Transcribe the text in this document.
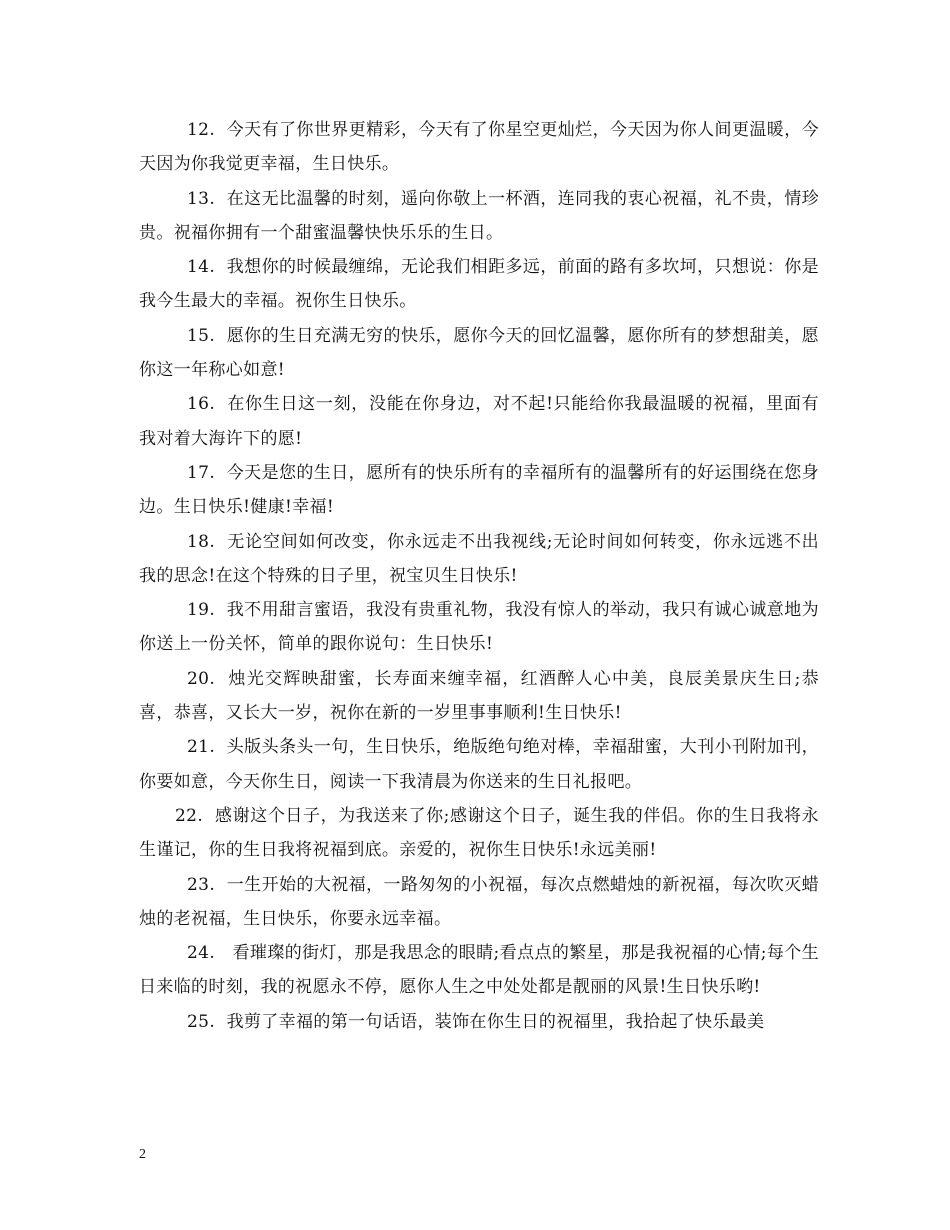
12.  今天有了你世界更精彩，今天有了你星空更灿烂，今天因为你人间更温暖，今天因为你我觉更幸福，生日快乐。

13.  在这无比温馨的时刻，遥向你敬上一杯酒，连同我的衷心祝福，礼不贵，情珍贵。祝福你拥有一个甜蜜温馨快快乐乐的生日。

14.  我想你的时候最缠绵，无论我们相距多远，前面的路有多坎坷，只想说：你是我今生最大的幸福。祝你生日快乐。

15.  愿你的生日充满无穷的快乐，愿你今天的回忆温馨，愿你所有的梦想甜美，愿你这一年称心如意!

16.  在你生日这一刻，没能在你身边，对不起!只能给你我最温暖的祝福，里面有我对着大海许下的愿!

17.  今天是您的生日，愿所有的快乐所有的幸福所有的温馨所有的好运围绕在您身边。生日快乐!健康!幸福!

18.  无论空间如何改变，你永远走不出我视线;无论时间如何转变，你永远逃不出我的思念!在这个特殊的日子里，祝宝贝生日快乐!

19.  我不用甜言蜜语，我没有贵重礼物，我没有惊人的举动，我只有诚心诚意地为你送上一份关怀，简单的跟你说句：生日快乐!

20.  烛光交辉映甜蜜，长寿面来缠幸福，红酒醉人心中美，良辰美景庆生日;恭喜，恭喜，又长大一岁，祝你在新的一岁里事事顺利!生日快乐!

21.  头版头条头一句，生日快乐，绝版绝句绝对棒，幸福甜蜜，大刊小刊附加刊，你要如意，今天你生日，阅读一下我清晨为你送来的生日礼报吧。

22.  感谢这个日子，为我送来了你;感谢这个日子，诞生我的伴侣。你的生日我将永生谨记，你的生日我将祝福到底。亲爱的，祝你生日快乐!永远美丽!

23.  一生开始的大祝福，一路匆匆的小祝福，每次点燃蜡烛的新祝福，每次吹灭蜡烛的老祝福，生日快乐，你要永远幸福。

24.   看璀璨的街灯，那是我思念的眼睛;看点点的繁星，那是我祝福的心情;每个生日来临的时刻，我的祝愿永不停，愿你人生之中处处都是靓丽的风景!生日快乐哟!

25.  我剪了幸福的第一句话语，装饰在你生日的祝福里，我拾起了快乐最美

2
